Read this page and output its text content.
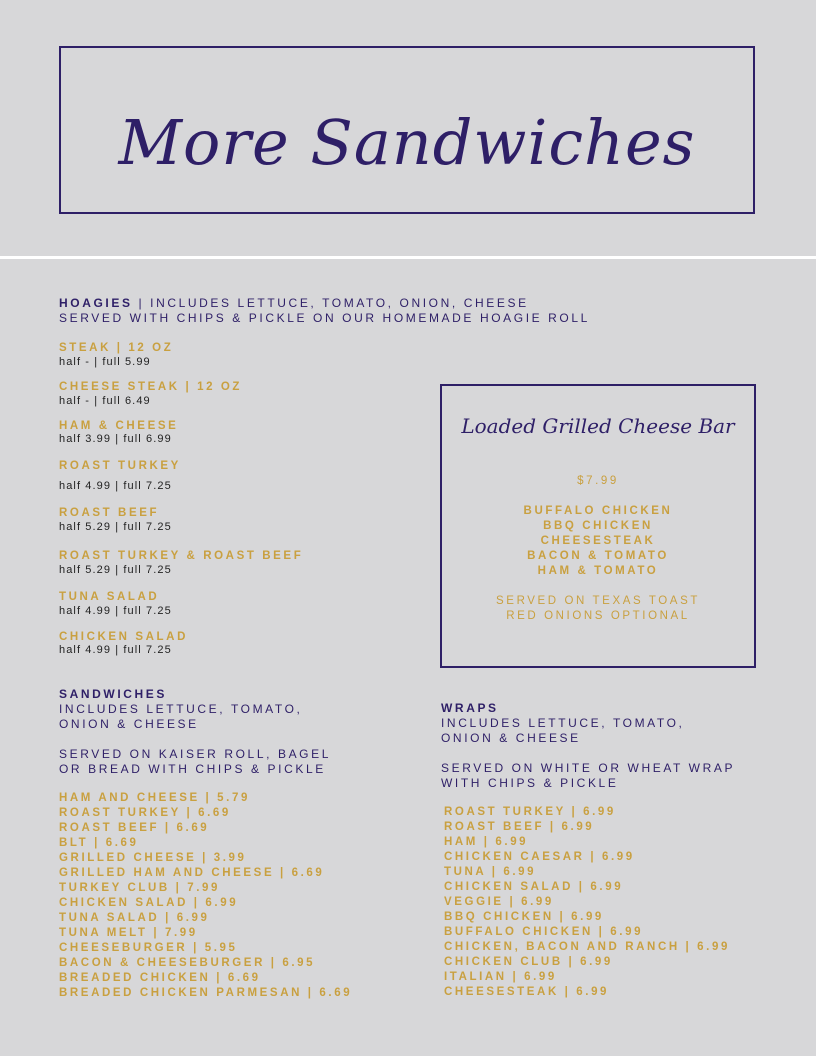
More Sandwiches
HOAGIES | INCLUDES LETTUCE, TOMATO, ONION, CHEESE
SERVED WITH CHIPS & PICKLE ON OUR HOMEMADE HOAGIE ROLL
STEAK | 12 OZ
half - | full 5.99
CHEESE STEAK | 12 OZ
half - | full 6.49
HAM & CHEESE
half 3.99 | full 6.99
ROAST TURKEY
half 4.99 | full 7.25
ROAST BEEF
half 5.29 | full 7.25
ROAST TURKEY & ROAST BEEF
half 5.29 | full 7.25
TUNA SALAD
half 4.99 | full 7.25
CHICKEN SALAD
half 4.99 | full 7.25
Loaded Grilled Cheese Bar
$7.99
BUFFALO CHICKEN
BBQ CHICKEN
CHEESESTEAK
BACON & TOMATO
HAM & TOMATO
SERVED ON TEXAS TOAST
RED ONIONS OPTIONAL
SANDWICHES
INCLUDES LETTUCE, TOMATO,
ONION & CHEESE
SERVED ON KAISER ROLL, BAGEL
OR BREAD WITH CHIPS & PICKLE
HAM AND CHEESE | 5.79
ROAST TURKEY | 6.69
ROAST BEEF | 6.69
BLT | 6.69
GRILLED CHEESE | 3.99
GRILLED HAM AND CHEESE | 6.69
TURKEY CLUB | 7.99
CHICKEN SALAD | 6.99
TUNA SALAD | 6.99
TUNA MELT | 7.99
CHEESEBURGER | 5.95
BACON & CHEESEBURGER | 6.95
BREADED CHICKEN | 6.69
BREADED CHICKEN PARMESAN | 6.69
WRAPS
INCLUDES LETTUCE, TOMATO,
ONION & CHEESE
SERVED ON WHITE OR WHEAT WRAP
WITH CHIPS & PICKLE
ROAST TURKEY | 6.99
ROAST BEEF | 6.99
HAM | 6.99
CHICKEN CAESAR | 6.99
TUNA | 6.99
CHICKEN SALAD | 6.99
VEGGIE | 6.99
BBQ CHICKEN | 6.99
BUFFALO CHICKEN | 6.99
CHICKEN, BACON AND RANCH | 6.99
CHICKEN CLUB | 6.99
ITALIAN | 6.99
CHEESESTEAK | 6.99
